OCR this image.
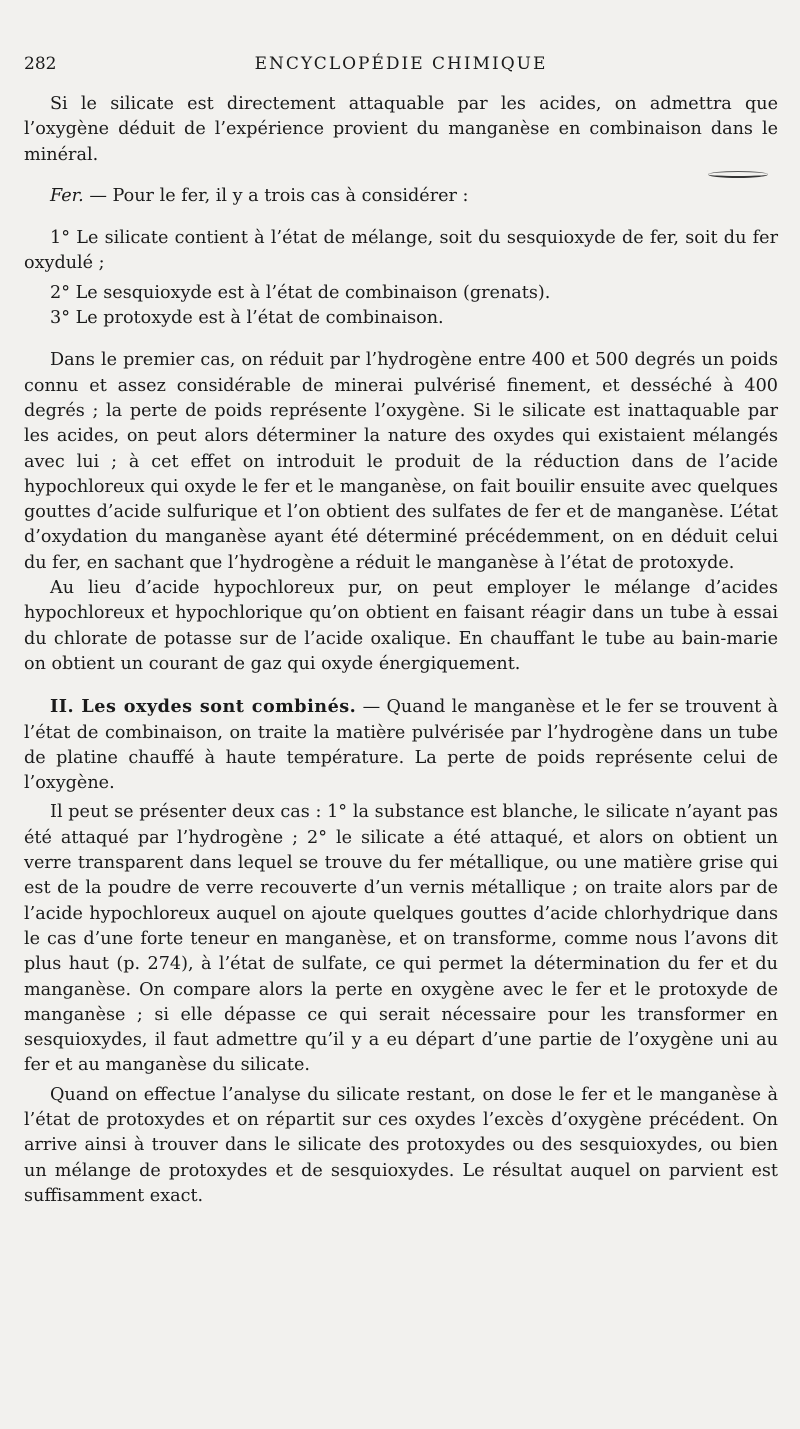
282	ENCYCLOPÉDIE CHIMIQUE

Si le silicate est directement attaquable par les acides, on admettra que l’oxygène déduit de l’expérience provient du manganèse en combinaison dans le minéral.

Fer. — Pour le fer, il y a trois cas à considérer :

1° Le silicate contient à l’état de mélange, soit du sesquioxyde de fer, soit du fer oxydulé ;

2° Le sesquioxyde est à l’état de combinaison (grenats).

3° Le protoxyde est à l’état de combinaison.

Dans le premier cas, on réduit par l’hydrogène entre 400 et 500 degrés un poids connu et assez considérable de minerai pulvérisé finement, et desséché à 400 degrés ; la perte de poids représente l’oxygène. Si le silicate est inattaquable par les acides, on peut alors déterminer la nature des oxydes qui existaient mélangés avec lui ; à cet effet on introduit le produit de la réduction dans de l’acide hypochloreux qui oxyde le fer et le manganèse, on fait bouilir ensuite avec quelques gouttes d’acide sulfurique et l’on obtient des sulfates de fer et de manganèse. L’état d’oxydation du manganèse ayant été déterminé précédemment, on en déduit celui du fer, en sachant que l’hydrogène a réduit le manganèse à l’état de protoxyde.

Au lieu d’acide hypochloreux pur, on peut employer le mélange d’acides hypochloreux et hypochlorique qu’on obtient en faisant réagir dans un tube à essai du chlorate de potasse sur de l’acide oxalique. En chauffant le tube au bain-marie on obtient un courant de gaz qui oxyde énergiquement.

II. Les oxydes sont combinés. — Quand le manganèse et le fer se trouvent à l’état de combinaison, on traite la matière pulvérisée par l’hydrogène dans un tube de platine chauffé à haute température. La perte de poids représente celui de l’oxygène.

Il peut se présenter deux cas : 1° la substance est blanche, le silicate n’ayant pas été attaqué par l’hydrogène ; 2° le silicate a été attaqué, et alors on obtient un verre transparent dans lequel se trouve du fer métallique, ou une matière grise qui est de la poudre de verre recouverte d’un vernis métallique ; on traite alors par de l’acide hypochloreux auquel on ajoute quelques gouttes d’acide chlorhydrique dans le cas d’une forte teneur en manganèse, et on transforme, comme nous l’avons dit plus haut (p. 274), à l’état de sulfate, ce qui permet la détermination du fer et du manganèse. On compare alors la perte en oxygène avec le fer et le protoxyde de manganèse ; si elle dépasse ce qui serait nécessaire pour les transformer en sesquioxydes, il faut admettre qu’il y a eu départ d’une partie de l’oxygène uni au fer et au manganèse du silicate.

Quand on effectue l’analyse du silicate restant, on dose le fer et le manganèse à l’état de protoxydes et on répartit sur ces oxydes l’excès d’oxygène précédent. On arrive ainsi à trouver dans le silicate des protoxydes ou des sesquioxydes, ou bien un mélange de protoxydes et de sesquioxydes. Le résultat auquel on parvient est suffisamment exact.
